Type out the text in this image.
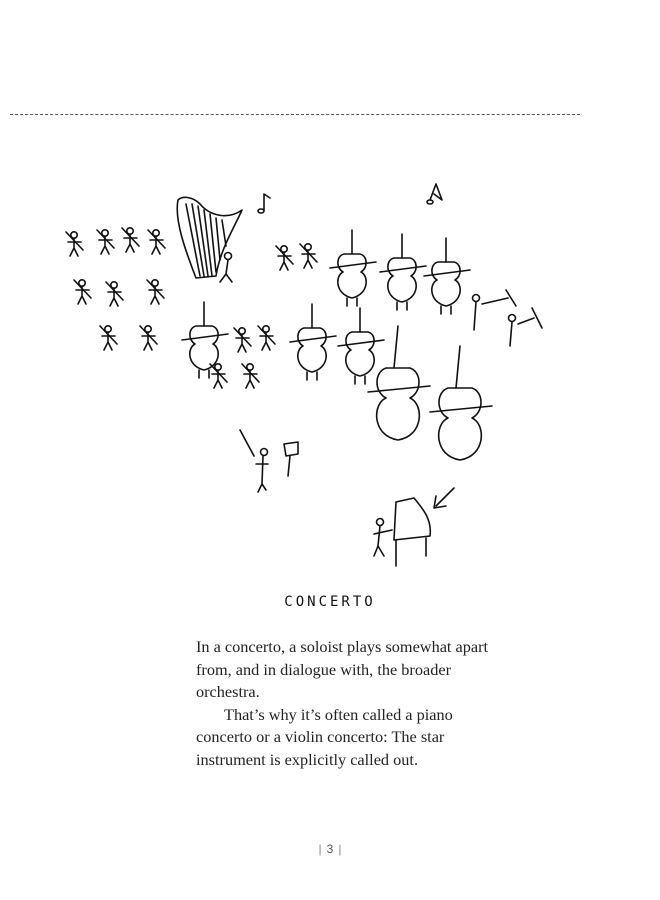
CONCERTO

In a concerto, a soloist plays somewhat apart from, and in dialogue with, the broader orchestra.

That’s why it’s often called a piano concerto or a violin concerto: The star instrument is explicitly called out.

| 3 |
